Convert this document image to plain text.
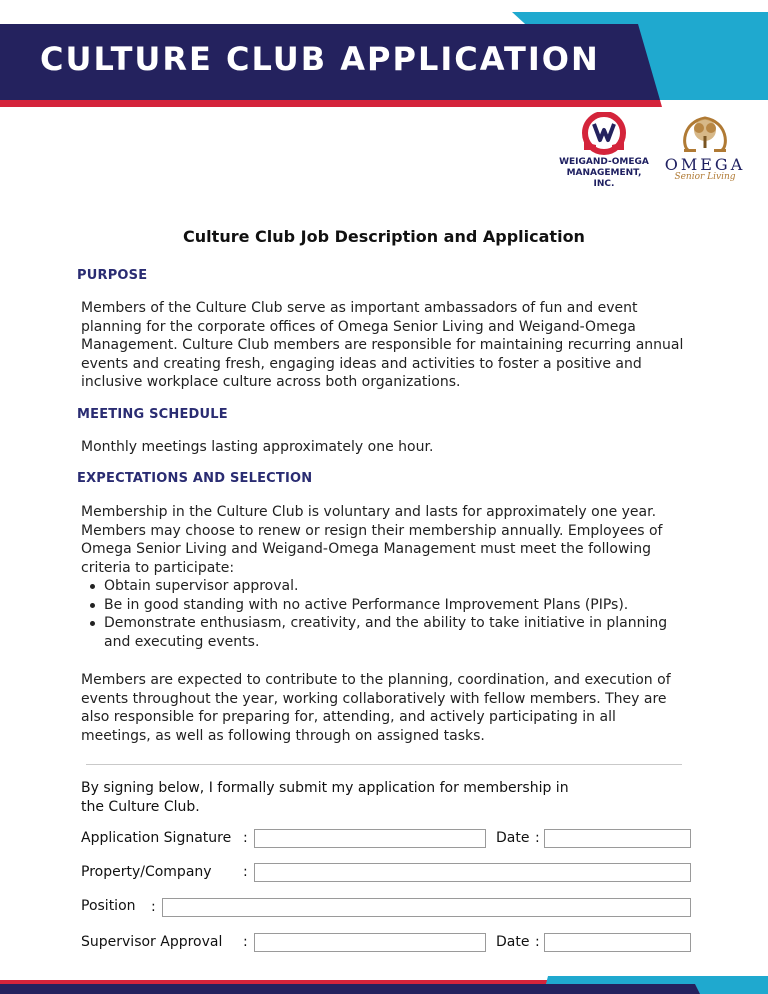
CULTURE CLUB APPLICATION
WEIGAND-OMEGA
MANAGEMENT, INC.
OMEGA
Senior Living
Culture Club Job Description and Application
PURPOSE

Members of the Culture Club serve as important ambassadors of fun and event planning for the corporate offices of Omega Senior Living and Weigand-Omega Management. Culture Club members are responsible for maintaining recurring annual events and creating fresh, engaging ideas and activities to foster a positive and inclusive workplace culture across both organizations.

MEETING SCHEDULE

Monthly meetings lasting approximately one hour.

EXPECTATIONS AND SELECTION

Membership in the Culture Club is voluntary and lasts for approximately one year. Members may choose to renew or resign their membership annually. Employees of Omega Senior Living and Weigand-Omega Management must meet the following criteria to participate:

Obtain supervisor approval.
Be in good standing with no active Performance Improvement Plans (PIPs).
Demonstrate enthusiasm, creativity, and the ability to take initiative in planning and executing events.

Members are expected to contribute to the planning, coordination, and execution of events throughout the year, working collaboratively with fellow members. They are also responsible for preparing for, attending, and actively participating in all meetings, as well as following through on assigned tasks.

By signing below, I formally submit my application for membership in the Culture Club.

Application Signature :	Date :
Property/Company :
Position :
Supervisor Approval :	Date :
